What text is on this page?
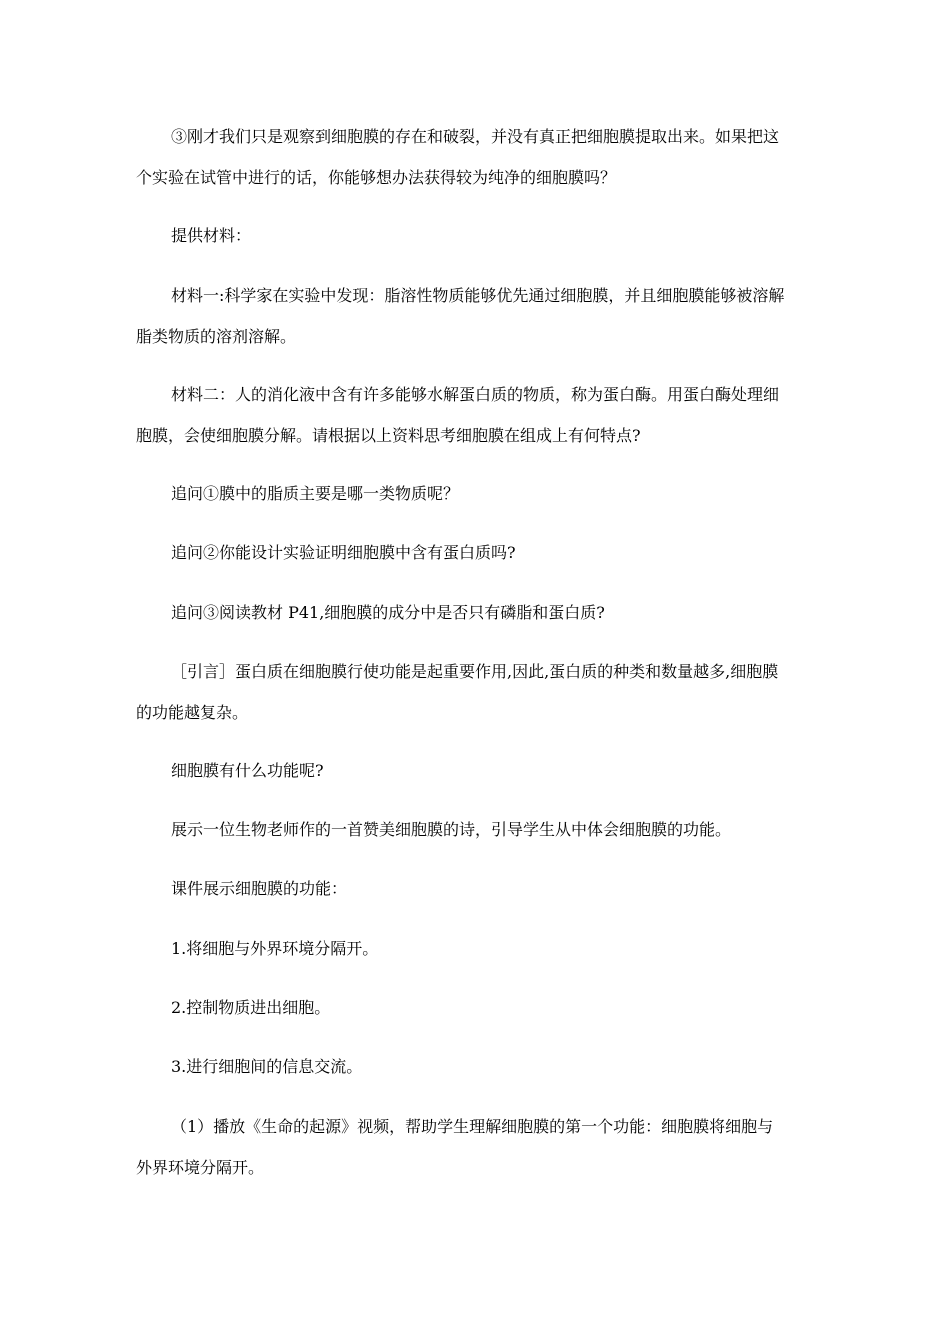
③刚才我们只是观察到细胞膜的存在和破裂，并没有真正把细胞膜提取出来。如果把这
个实验在试管中进行的话，你能够想办法获得较为纯净的细胞膜吗？

提供材料：

材料一:科学家在实验中发现：脂溶性物质能够优先通过细胞膜，并且细胞膜能够被溶解
脂类物质的溶剂溶解。

材料二：人的消化液中含有许多能够水解蛋白质的物质，称为蛋白酶。用蛋白酶处理细
胞膜，会使细胞膜分解。请根据以上资料思考细胞膜在组成上有何特点?

追问①膜中的脂质主要是哪一类物质呢？

追问②你能设计实验证明细胞膜中含有蛋白质吗?

追问③阅读教材 P41,细胞膜的成分中是否只有磷脂和蛋白质?

［引言］蛋白质在细胞膜行使功能是起重要作用,因此,蛋白质的种类和数量越多,细胞膜
的功能越复杂。

细胞膜有什么功能呢?

展示一位生物老师作的一首赞美细胞膜的诗，引导学生从中体会细胞膜的功能。

课件展示细胞膜的功能：

1.将细胞与外界环境分隔开。

2.控制物质进出细胞。

3.进行细胞间的信息交流。

（1）播放《生命的起源》视频，帮助学生理解细胞膜的第一个功能：细胞膜将细胞与
外界环境分隔开。
